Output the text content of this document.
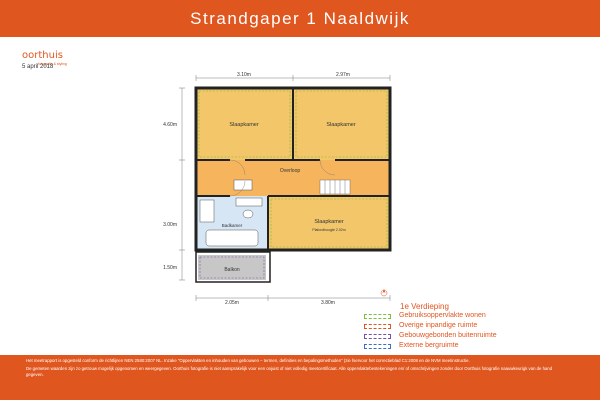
Strandgaper 1 Naaldwijk
oorthuis
fotografie & styling
5 april 2018
3.10m	2.97m
4.60m
3.00m
1.50m
2.05m	3.80m
Slaapkamer	Slaapkamer
Overloop
Badkamer
Slaapkamer
Plafondhoogte 2.02m
Balkon
1e Verdieping
Gebruiksoppervlakte wonen
Overige inpandige ruimte
Gebouwgebonden buitenruimte
Externe bergruimte

Het meetrapport is opgesteld conform de richtlijnen NEN 2580:2007 NL. Inzake "Oppervlakten en inhouden van gebouwen – termen, definities en bepalingsmethoden" (zie hiervoor het correctieblad C1:2008 en de NVM meetinstructie.

De gemeten waarden zijn zo getrouw mogelijk opgenomen en weergegeven. Oorthuis fotografie is niet aansprakelijk voor een onjuist of niet volledig meetcertificaat. Alle oppervlaktebestekeningen en/ of omschrijvingen zonder door Oorthuis fotografie naauwkeurigk van de hand gegeven.
